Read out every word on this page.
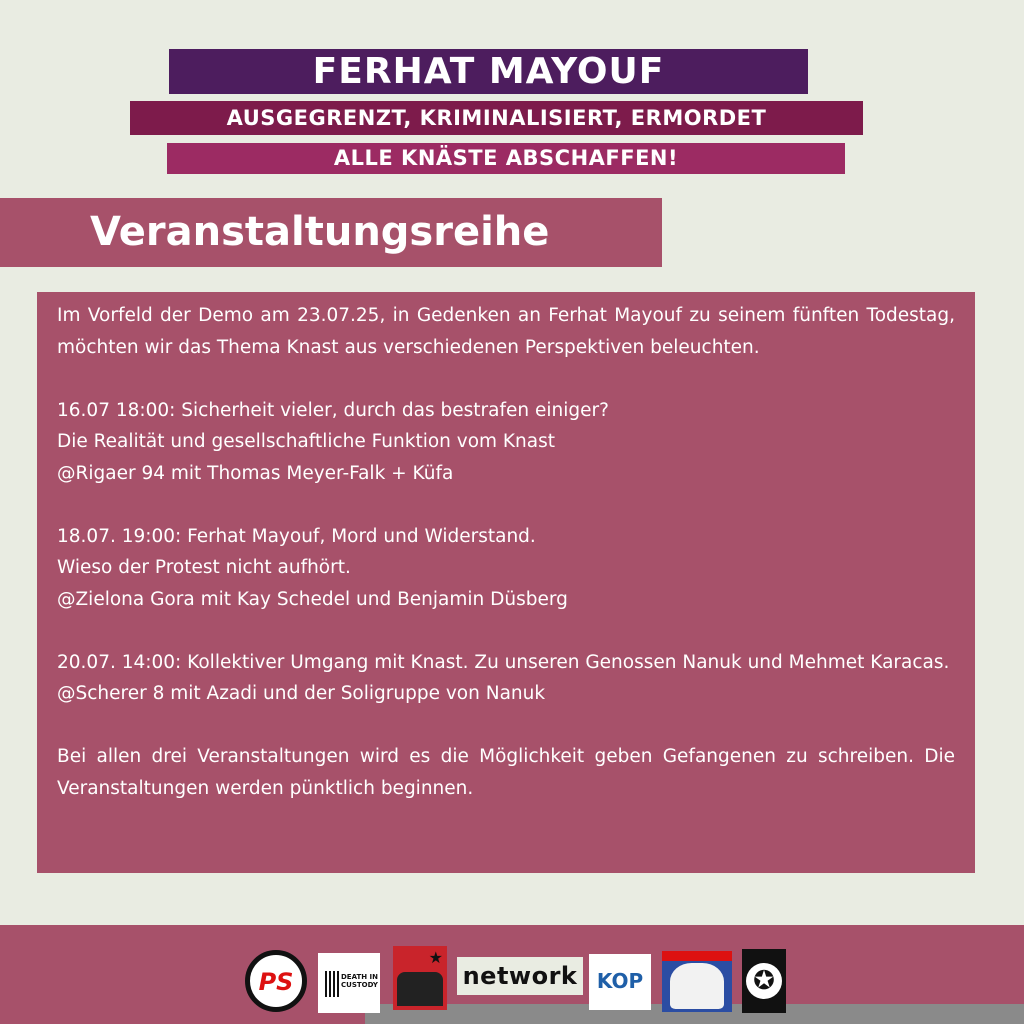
FERHAT MAYOUF
AUSGEGRENZT, KRIMINALISIERT, ERMORDET
ALLE KNÄSTE ABSCHAFFEN!
Veranstaltungsreihe

Im Vorfeld der Demo am 23.07.25, in Gedenken an Ferhat Mayouf zu seinem fünften Todestag, möchten wir das Thema Knast aus verschiedenen Perspektiven beleuchten.

16.07 18:00: Sicherheit vieler, durch das bestrafen einiger?
Die Realität und gesellschaftliche Funktion vom Knast
@Rigaer 94 mit Thomas Meyer-Falk + Küfa
18.07. 19:00: Ferhat Mayouf, Mord und Widerstand.
Wieso der Protest nicht aufhört.
@Zielona Gora mit Kay Schedel und Benjamin Düsberg
20.07. 14:00: Kollektiver Umgang mit Knast. Zu unseren Genossen Nanuk und Mehmet Karacas.
@Scherer 8 mit Azadi und der Soligruppe von Nanuk

Bei allen drei Veranstaltungen wird es die Möglichkeit geben Gefangenen zu schreiben. Die Veranstaltungen werden pünktlich beginnen.

PS	DEATH IN CUSTODY
★
network KOP	✪
